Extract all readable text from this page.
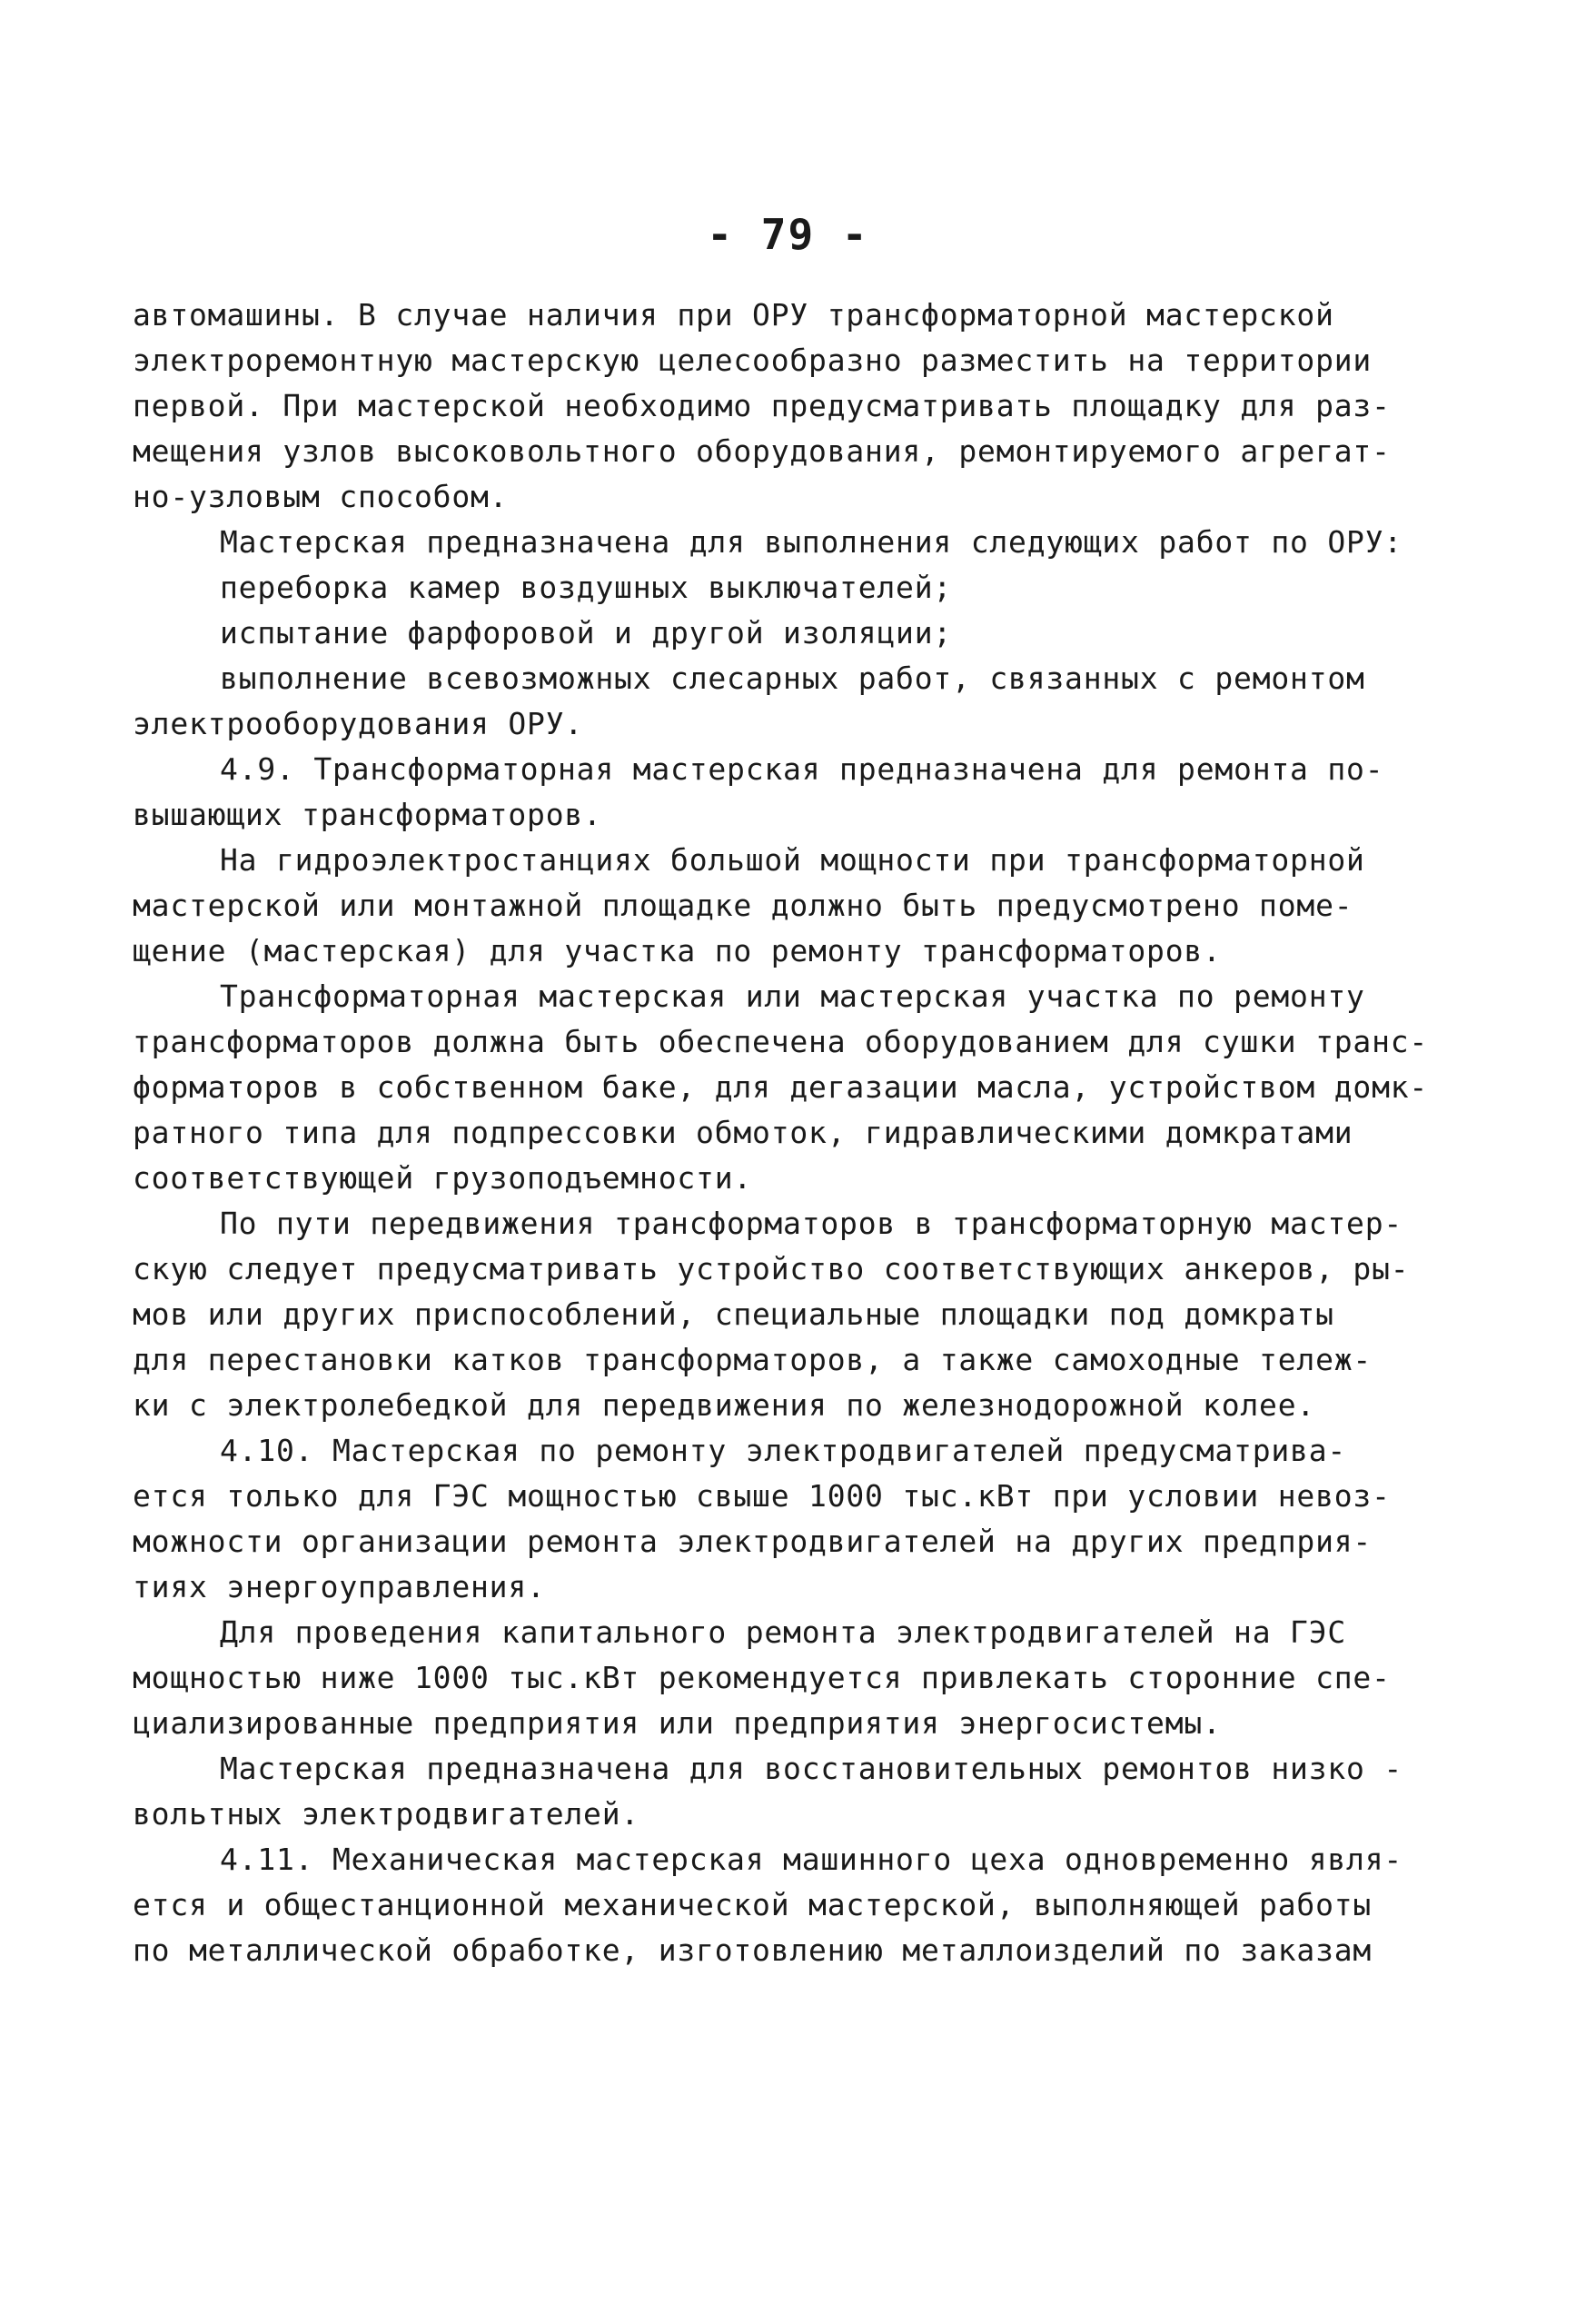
- 79 -
автомашины. В случае наличия при ОРУ трансформаторной мастерской
электроремонтную мастерскую целесообразно разместить на территории
первой. При мастерской необходимо предусматривать площадку для раз-
мещения узлов высоковольтного оборудования, ремонтируемого агрегат-
но-узловым способом.
Мастерская предназначена для выполнения следующих работ по ОРУ:
переборка камер воздушных выключателей;
испытание фарфоровой и другой изоляции;
выполнение всевозможных слесарных работ, связанных с ремонтом
электрооборудования ОРУ.
4.9. Трансформаторная мастерская предназначена для ремонта по-
вышающих трансформаторов.
На гидроэлектростанциях большой мощности при трансформаторной
мастерской или монтажной площадке должно быть предусмотрено поме-
щение (мастерская) для участка по ремонту трансформаторов.
Трансформаторная мастерская или мастерская участка по ремонту
трансформаторов должна быть обеспечена оборудованием для сушки транс-
форматоров в собственном баке, для дегазации масла, устройством домк-
ратного типа для подпрессовки обмоток, гидравлическими домкратами
соответствующей грузоподъемности.
По пути передвижения трансформаторов в трансформаторную мастер-
скую следует предусматривать устройство соответствующих анкеров, ры-
мов или других приспособлений, специальные площадки под домкраты
для перестановки катков трансформаторов, а также самоходные тележ-
ки с электролебедкой для передвижения по железнодорожной колее.
4.10. Мастерская по ремонту электродвигателей предусматрива-
ется только для ГЭС мощностью свыше 1000 тыс.кВт при условии невоз-
можности организации ремонта электродвигателей на других предприя-
тиях энергоуправления.
Для проведения капитального ремонта электродвигателей на ГЭС
мощностью ниже 1000 тыс.кВт рекомендуется привлекать сторонние спе-
циализированные предприятия или предприятия энергосистемы.
Мастерская предназначена для восстановительных ремонтов низко -
вольтных электродвигателей.
4.11. Механическая мастерская машинного цеха одновременно явля-
ется и общестанционной механической мастерской, выполняющей работы
по металлической обработке, изготовлению металлоизделий по заказам
